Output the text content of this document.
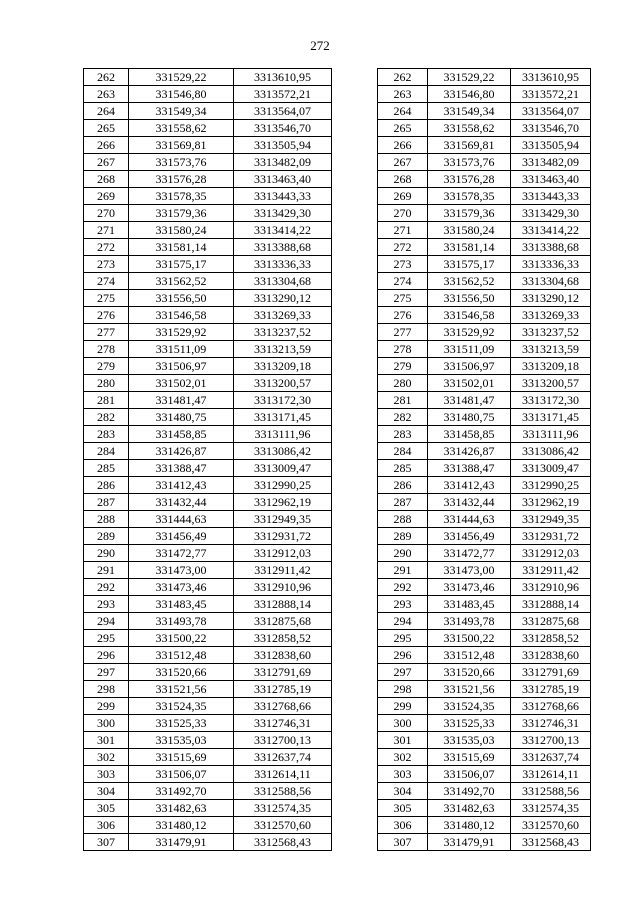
272
262	331529,22	3313610,95
263	331546,80	3313572,21
264	331549,34	3313564,07
265	331558,62	3313546,70
266	331569,81	3313505,94
267	331573,76	3313482,09
268	331576,28	3313463,40
269	331578,35	3313443,33
270	331579,36	3313429,30
271	331580,24	3313414,22
272	331581,14	3313388,68
273	331575,17	3313336,33
274	331562,52	3313304,68
275	331556,50	3313290,12
276	331546,58	3313269,33
277	331529,92	3313237,52
278	331511,09	3313213,59
279	331506,97	3313209,18
280	331502,01	3313200,57
281	331481,47	3313172,30
282	331480,75	3313171,45
283	331458,85	3313111,96
284	331426,87	3313086,42
285	331388,47	3313009,47
286	331412,43	3312990,25
287	331432,44	3312962,19
288	331444,63	3312949,35
289	331456,49	3312931,72
290	331472,77	3312912,03
291	331473,00	3312911,42
292	331473,46	3312910,96
293	331483,45	3312888,14
294	331493,78	3312875,68
295	331500,22	3312858,52
296	331512,48	3312838,60
297	331520,66	3312791,69
298	331521,56	3312785,19
299	331524,35	3312768,66
300	331525,33	3312746,31
301	331535,03	3312700,13
302	331515,69	3312637,74
303	331506,07	3312614,11
304	331492,70	3312588,56
305	331482,63	3312574,35
306	331480,12	3312570,60
307	331479,91	3312568,43
262	331529,22	3313610,95
263	331546,80	3313572,21
264	331549,34	3313564,07
265	331558,62	3313546,70
266	331569,81	3313505,94
267	331573,76	3313482,09
268	331576,28	3313463,40
269	331578,35	3313443,33
270	331579,36	3313429,30
271	331580,24	3313414,22
272	331581,14	3313388,68
273	331575,17	3313336,33
274	331562,52	3313304,68
275	331556,50	3313290,12
276	331546,58	3313269,33
277	331529,92	3313237,52
278	331511,09	3313213,59
279	331506,97	3313209,18
280	331502,01	3313200,57
281	331481,47	3313172,30
282	331480,75	3313171,45
283	331458,85	3313111,96
284	331426,87	3313086,42
285	331388,47	3313009,47
286	331412,43	3312990,25
287	331432,44	3312962,19
288	331444,63	3312949,35
289	331456,49	3312931,72
290	331472,77	3312912,03
291	331473,00	3312911,42
292	331473,46	3312910,96
293	331483,45	3312888,14
294	331493,78	3312875,68
295	331500,22	3312858,52
296	331512,48	3312838,60
297	331520,66	3312791,69
298	331521,56	3312785,19
299	331524,35	3312768,66
300	331525,33	3312746,31
301	331535,03	3312700,13
302	331515,69	3312637,74
303	331506,07	3312614,11
304	331492,70	3312588,56
305	331482,63	3312574,35
306	331480,12	3312570,60
307	331479,91	3312568,43
